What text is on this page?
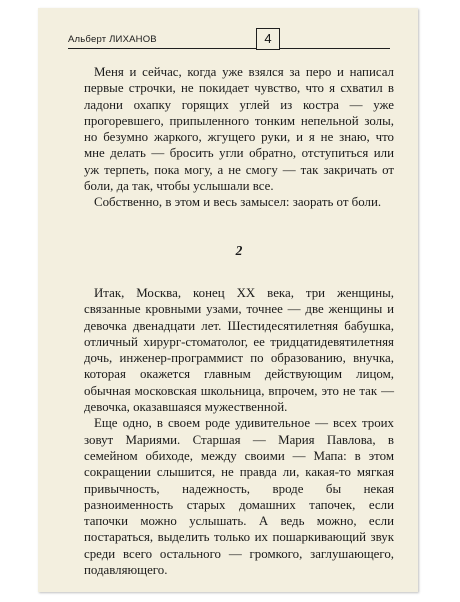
Альберт ЛИХАНОВ	4

Меня и сейчас, когда уже взялся за перо и написал первые строчки, не покидает чувство, что я схватил в ладони охапку горящих углей из костра — уже прогоревшего, припыленного тонким непельной золы, но безумно жаркого, жгущего руки, и я не знаю, что мне делать — бросить угли обратно, отступиться или уж терпеть, пока могу, а не смогу — так закричать от боли, да так, чтобы услышали все.

Собственно, в этом и весь замысел: заорать от боли.

2

Итак, Москва, конец XX века, три женщины, связанные кровными узами, точнее — две женщины и девочка двенадцати лет. Шестидесятилетняя бабушка, отличный хирург-стоматолог, ее тридцатидевятилетняя дочь, инженер-программист по образованию, внучка, которая окажется главным действующим лицом, обычная московская школьница, впрочем, это не так — девочка, оказавшаяся мужественной.

Еще одно, в своем роде удивительное — всех троих зовут Мариями. Старшая — Мария Павлова, в семейном обиходе, между своими — Мапа: в этом сокращении слышится, не правда ли, какая-то мягкая привычность, надежность, вроде бы некая разноименность старых домашних тапочек, если тапочки можно услышать. А ведь можно, если постараться, выделить только их пошаркивающий звук среди всего остального — громкого, заглушающего, подавляющего.
